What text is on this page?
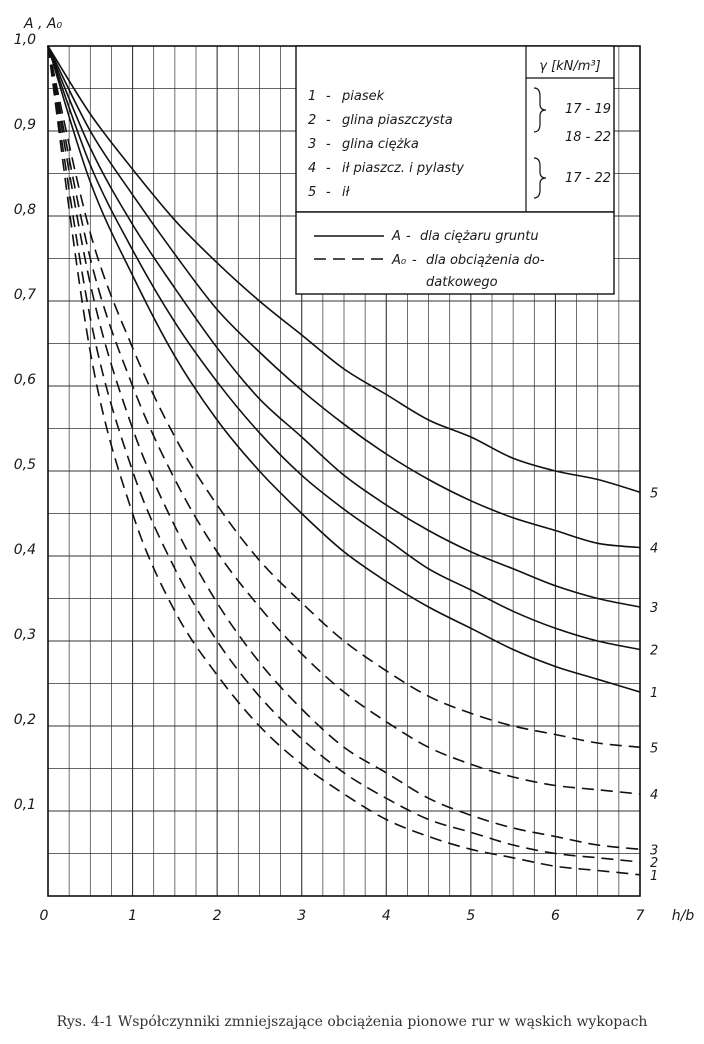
0,1
0,2
0,3
0,4
0,5
0,6
0,7
0,8
0,9
1,0
0	1	2	3	4	5	6	7
A , A₀
h/b
1
2
3
4
5
1
2
3
4
5
γ [kN/m³]
1 - piasek
2 - glina piaszczysta
3 - glina ciężka
4 - ił piaszcz. i pylasty
5 - ił
17 - 19
18 - 22
17 - 22
A - dla ciężaru gruntu
A₀ - dla obciążenia do-
datkowego
Rys. 4-1 Współczynniki zmniejszające obciążenia pionowe rur w wąskich wykopach
